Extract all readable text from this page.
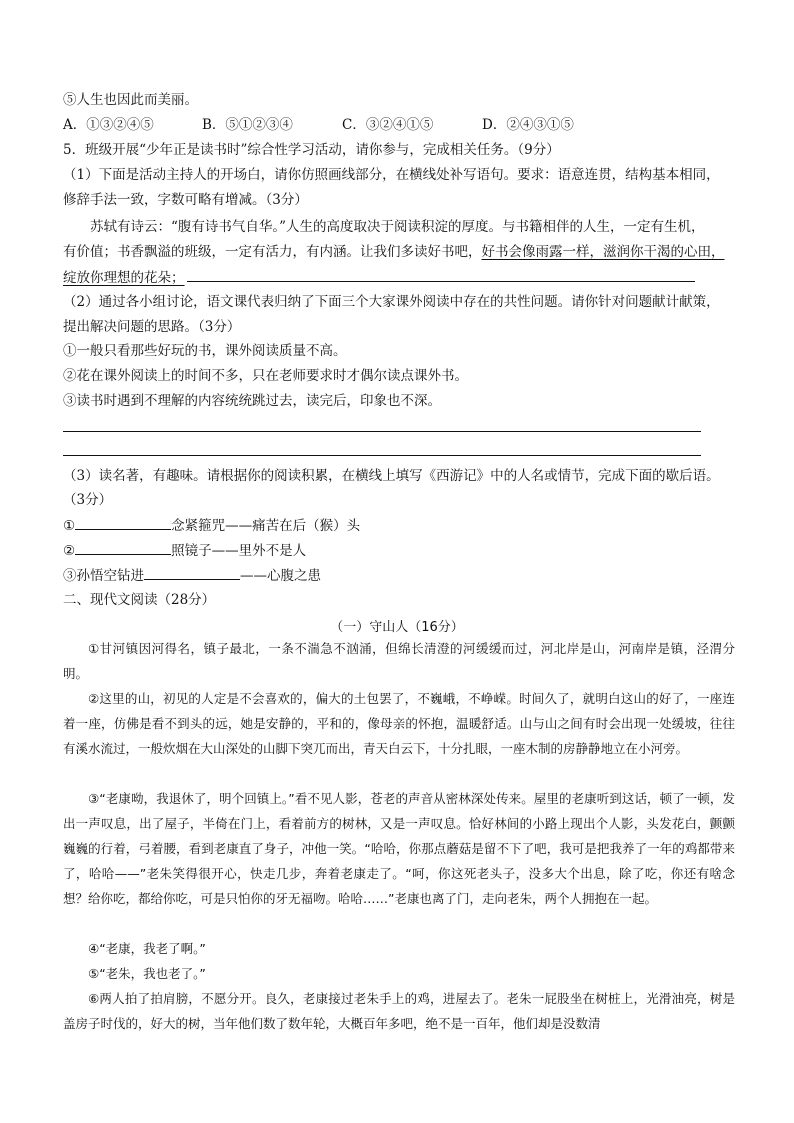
⑤人生也因此而美丽。
A．①③②④⑤	B．⑤①②③④	C．③②④①⑤	D．②④③①⑤
5．班级开展“少年正是读书时”综合性学习活动，请你参与，完成相关任务。（9分）
（1）下面是活动主持人的开场白，请你仿照画线部分，在横线处补写语句。要求：语意连贯，结构基本相同，
修辞手法一致，字数可略有增减。（3分）
苏轼有诗云：“腹有诗书气自华。”人生的高度取决于阅读积淀的厚度。与书籍相伴的人生，一定有生机，
有价值；书香飘溢的班级，一定有活力，有内涵。让我们多读好书吧，好书会像雨露一样，滋润你干渴的心田，
绽放你理想的花朵；
（2）通过各小组讨论，语文课代表归纳了下面三个大家课外阅读中存在的共性问题。请你针对问题献计献策，
提出解决问题的思路。（3分）
①一般只看那些好玩的书，课外阅读质量不高。
②花在课外阅读上的时间不多，只在老师要求时才偶尔读点课外书。
③读书时遇到不理解的内容统统跳过去，读完后，印象也不深。
（3）读名著，有趣味。请根据你的阅读积累，在横线上填写《西游记》中的人名或情节，完成下面的歇后语。
（3分）
①	念紧箍咒——痛苦在后（猴）头
②	照镜子——里外不是人
③孙悟空钻进	——心腹之患
二、现代文阅读（28分）
（一）守山人（16分）

①甘河镇因河得名，镇子最北，一条不湍急不汹涌，但绵长清澄的河缓缓而过，河北岸是山，河南岸是镇，泾渭分明。

②这里的山，初见的人定是不会喜欢的，偏大的土包罢了，不巍峨，不峥嵘。时间久了，就明白这山的好了，一座连着一座，仿佛是看不到头的远，她是安静的，平和的，像母亲的怀抱，温暖舒适。山与山之间有时会出现一处缓坡，往往有溪水流过，一般炊烟在大山深处的山脚下突兀而出，青天白云下，十分扎眼，一座木制的房静静地立在小河旁。

③“老康呦，我退休了，明个回镇上。”看不见人影，苍老的声音从密林深处传来。屋里的老康听到这话，顿了一顿，发出一声叹息，出了屋子，半倚在门上，看着前方的树林，又是一声叹息。恰好林间的小路上现出个人影，头发花白，颤颤巍巍的行着，弓着腰，看到老康直了身子，冲他一笑。“哈哈，你那点蘑菇是留不下了吧，我可是把我养了一年的鸡都带来了，哈哈——”老朱笑得很开心，快走几步，奔着老康走了。“呵，你这死老头子，没多大个出息，除了吃，你还有啥念想？给你吃，都给你吃，可是只怕你的牙无福吻。哈哈……”老康也离了门，走向老朱，两个人拥抱在一起。

④“老康，我老了啊。”

⑤“老朱，我也老了。”

⑥两人拍了拍肩膀，不愿分开。良久，老康接过老朱手上的鸡，进屋去了。老朱一屁股坐在树桩上，光滑油亮，树是盖房子时伐的，好大的树，当年他们数了数年轮，大概百年多吧，绝不是一百年，他们却是没数清
